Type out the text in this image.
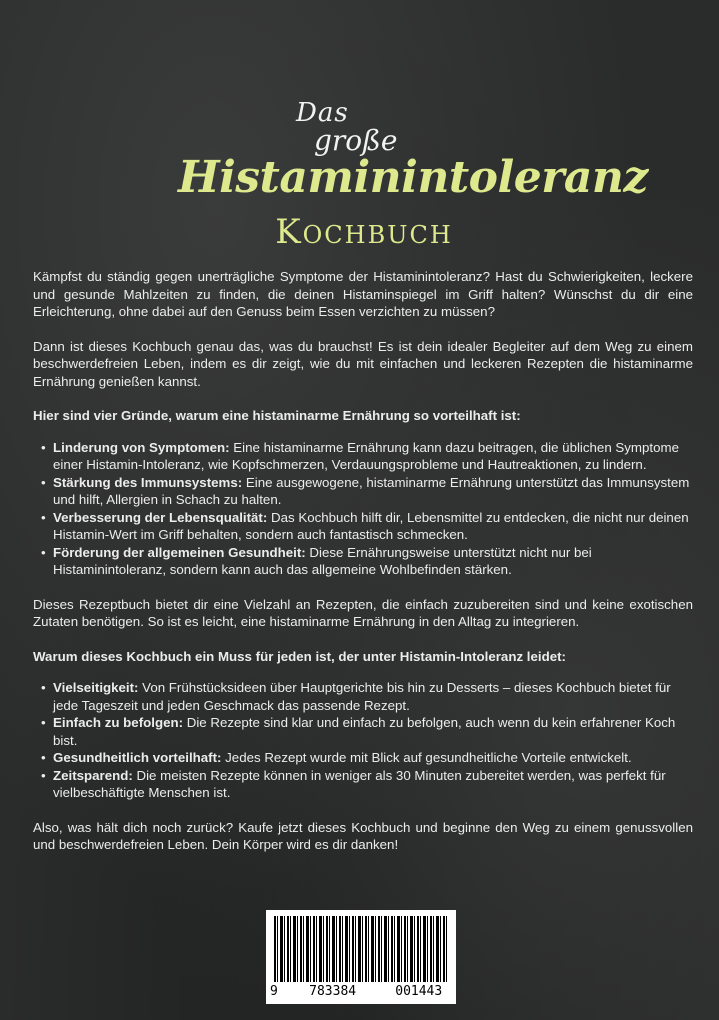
Das
große
Histaminintoleranz
Kochbuch

Kämpfst du ständig gegen unerträgliche Symptome der Histaminintoleranz? Hast du Schwierigkeiten, leckere und gesunde Mahlzeiten zu finden, die deinen Histaminspiegel im Griff halten? Wünschst du dir eine Erleichterung, ohne dabei auf den Genuss beim Essen verzichten zu müssen?

Dann ist dieses Kochbuch genau das, was du brauchst! Es ist dein idealer Begleiter auf dem Weg zu einem beschwerdefreien Leben, indem es dir zeigt, wie du mit einfachen und leckeren Rezepten die histaminarme Ernährung genießen kannst.

Hier sind vier Gründe, warum eine histaminarme Ernährung so vorteilhaft ist:
• Linderung von Symptomen: Eine histaminarme Ernährung kann dazu beitragen, die üblichen Symptome einer Histamin-Intoleranz, wie Kopfschmerzen, Verdauungsprobleme und Hautreaktionen, zu lindern.
• Stärkung des Immunsystems: Eine ausgewogene, histaminarme Ernährung unterstützt das Immunsystem und hilft, Allergien in Schach zu halten.
• Verbesserung der Lebensqualität: Das Kochbuch hilft dir, Lebensmittel zu entdecken, die nicht nur deinen Histamin-Wert im Griff behalten, sondern auch fantastisch schmecken.
• Förderung der allgemeinen Gesundheit: Diese Ernährungsweise unterstützt nicht nur bei Histaminintoleranz, sondern kann auch das allgemeine Wohlbefinden stärken.

Dieses Rezeptbuch bietet dir eine Vielzahl an Rezepten, die einfach zuzubereiten sind und keine exotischen Zutaten benötigen. So ist es leicht, eine histaminarme Ernährung in den Alltag zu integrieren.

Warum dieses Kochbuch ein Muss für jeden ist, der unter Histamin-Intoleranz leidet:
• Vielseitigkeit: Von Frühstücksideen über Hauptgerichte bis hin zu Desserts – dieses Kochbuch bietet für jede Tageszeit und jeden Geschmack das passende Rezept.
• Einfach zu befolgen: Die Rezepte sind klar und einfach zu befolgen, auch wenn du kein erfahrener Koch bist.
• Gesundheitlich vorteilhaft: Jedes Rezept wurde mit Blick auf gesundheitliche Vorteile entwickelt.
• Zeitsparend: Die meisten Rezepte können in weniger als 30 Minuten zubereitet werden, was perfekt für vielbeschäftigte Menschen ist.

Also, was hält dich noch zurück? Kaufe jetzt dieses Kochbuch und beginne den Weg zu einem genussvollen und beschwerdefreien Leben. Dein Körper wird es dir danken!

9 783384	001443
